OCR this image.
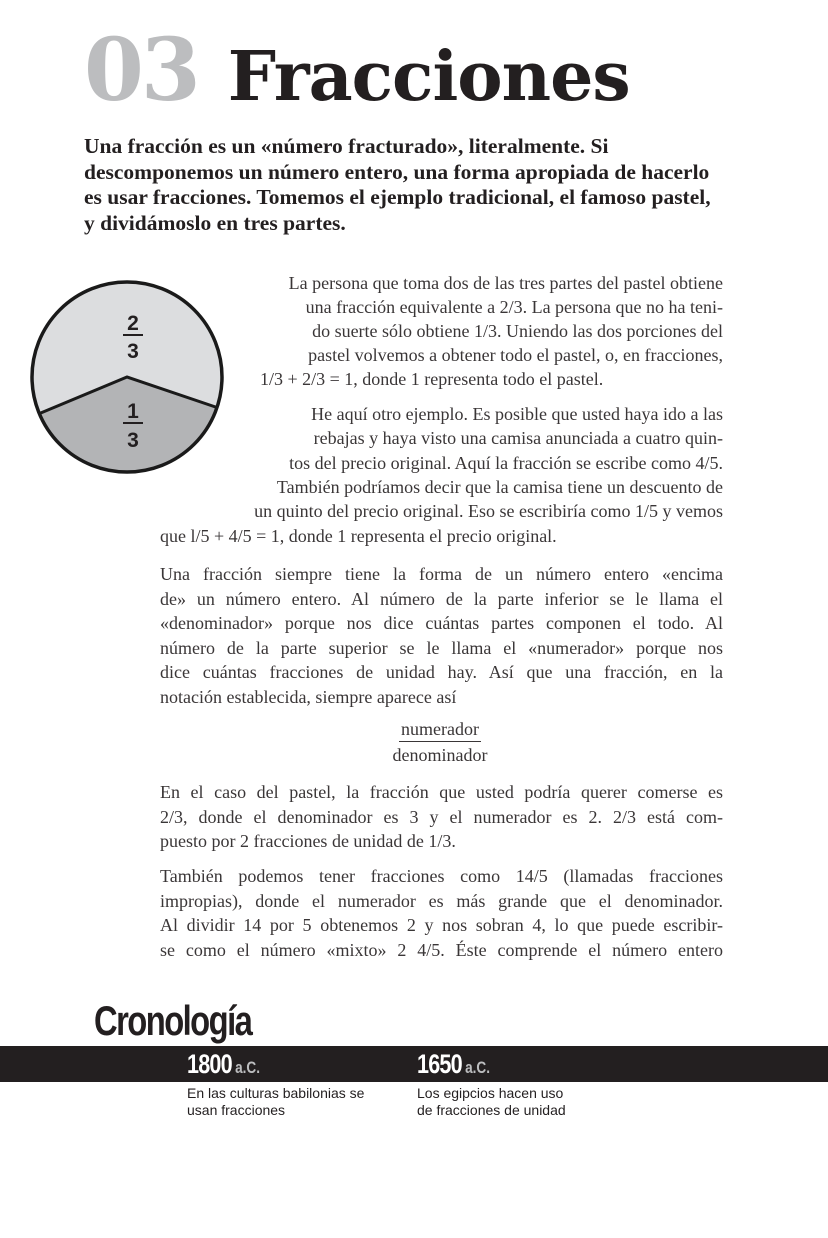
03 Fracciones
Una fracción es un «número fracturado», literalmente. Si descomponemos un número entero, una forma apropiada de hacerlo es usar fracciones. Tomemos el ejemplo tradicional, el famoso pastel, y dividámoslo en tres partes.
2
3
1
3
La persona que toma dos de las tres partes del pastel obtiene
una fracción equivalente a 2/3. La persona que no ha teni-
do suerte sólo obtiene 1/3. Uniendo las dos porciones del
pastel volvemos a obtener todo el pastel, o, en fracciones,
1/3 + 2/3 = 1, donde 1 representa todo el pastel.
He aquí otro ejemplo. Es posible que usted haya ido a las
rebajas y haya visto una camisa anunciada a cuatro quin-
tos del precio original. Aquí la fracción se escribe como 4/5.
También podríamos decir que la camisa tiene un descuento de
un quinto del precio original. Eso se escribiría como 1/5 y vemos
que l/5 + 4/5 = 1, donde 1 representa el precio original.
Una fracción siempre tiene la forma de un número entero «encima
de» un número entero. Al número de la parte inferior se le llama el
«denominador» porque nos dice cuántas partes componen el todo. Al
número de la parte superior se le llama el «numerador» porque nos
dice cuántas fracciones de unidad hay. Así que una fracción, en la
notación establecida, siempre aparece así
numerador
denominador
En el caso del pastel, la fracción que usted podría querer comerse es
2/3, donde el denominador es 3 y el numerador es 2. 2/3 está com-
puesto por 2 fracciones de unidad de 1/3.
También podemos tener fracciones como 14/5 (llamadas fracciones
impropias), donde el numerador es más grande que el denominador.
Al dividir 14 por 5 obtenemos 2 y nos sobran 4, lo que puede escribir-
se como el número «mixto» 2 4/5. Éste comprende el número entero
Cronología
1800 a.C.
En las culturas babilonias se
usan fracciones
1650 a.C.
Los egipcios hacen uso
de fracciones de unidad
